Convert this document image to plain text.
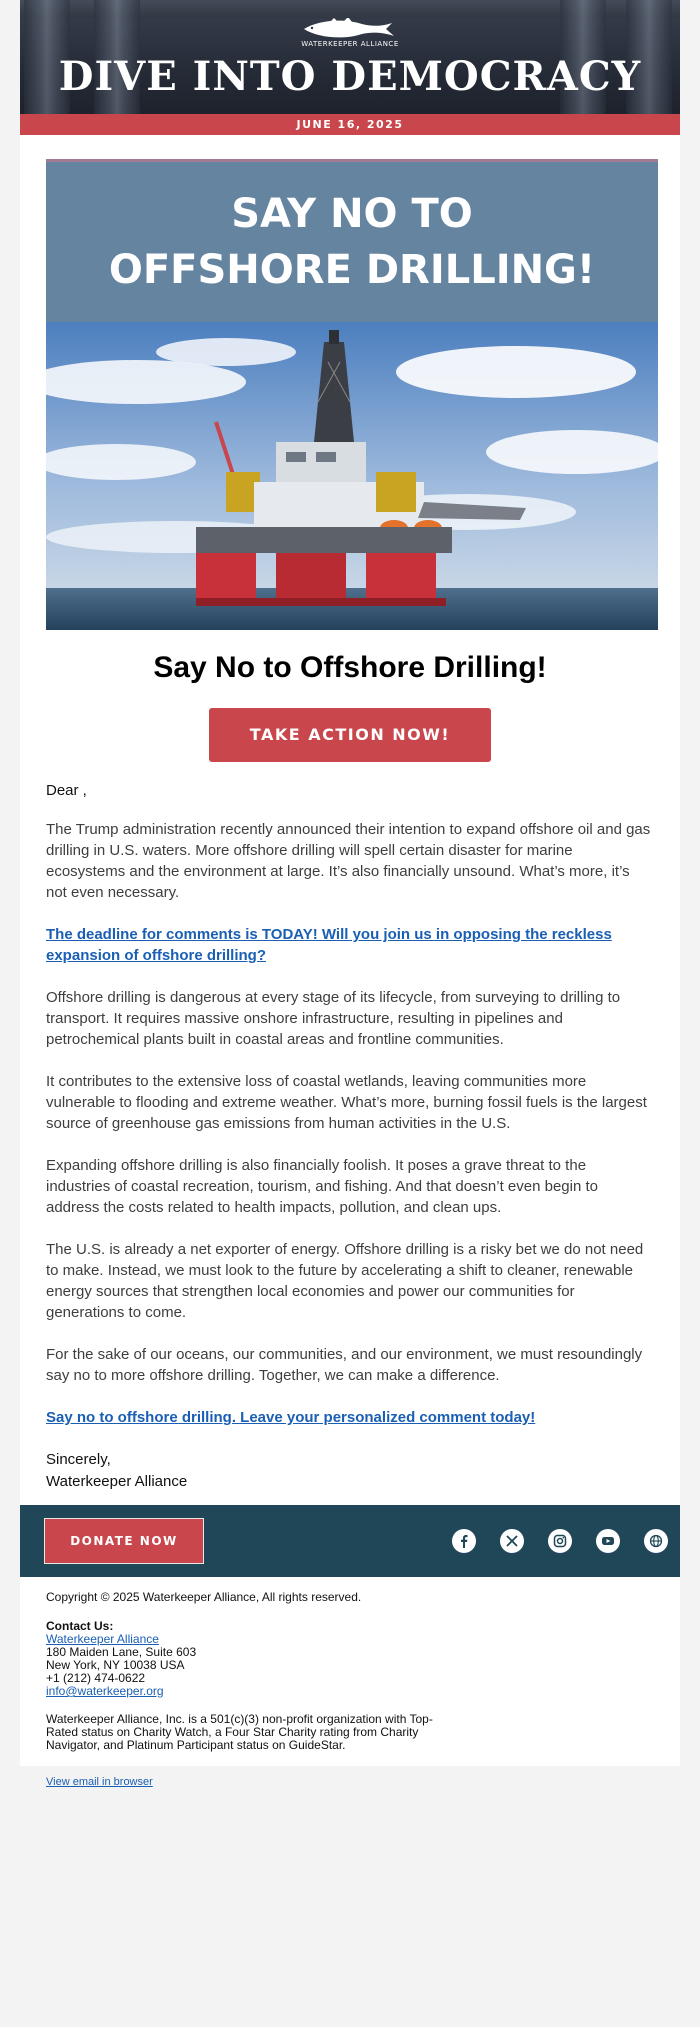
WATERKEEPER ALLIANCE
DIVE INTO DEMOCRACY
JUNE 16, 2025
SAY NO TO
OFFSHORE DRILLING!
Say No to Offshore Drilling!
TAKE ACTION NOW!

Dear ,

The Trump administration recently announced their intention to expand offshore oil and gas drilling in U.S. waters. More offshore drilling will spell certain disaster for marine ecosystems and the environment at large. It’s also financially unsound. What’s more, it’s not even necessary.

The deadline for comments is TODAY! Will you join us in opposing the reckless expansion of offshore drilling?

Offshore drilling is dangerous at every stage of its lifecycle, from surveying to drilling to transport. It requires massive onshore infrastructure, resulting in pipelines and petrochemical plants built in coastal areas and frontline communities.

It contributes to the extensive loss of coastal wetlands, leaving communities more vulnerable to flooding and extreme weather. What’s more, burning fossil fuels is the largest source of greenhouse gas emissions from human activities in the U.S.

Expanding offshore drilling is also financially foolish. It poses a grave threat to the industries of coastal recreation, tourism, and fishing. And that doesn’t even begin to address the costs related to health impacts, pollution, and clean ups.

The U.S. is already a net exporter of energy. Offshore drilling is a risky bet we do not need to make. Instead, we must look to the future by accelerating a shift to cleaner, renewable energy sources that strengthen local economies and power our communities for generations to come.

For the sake of our oceans, our communities, and our environment, we must resoundingly say no to more offshore drilling. Together, we can make a difference.

Say no to offshore drilling. Leave your personalized comment today!

Sincerely,
Waterkeeper Alliance
DONATE NOW
Copyright © 2025 Waterkeeper Alliance, All rights reserved.
Contact Us:
Waterkeeper Alliance
180 Maiden Lane, Suite 603
New York, NY 10038 USA
+1 (212) 474-0622
info@waterkeeper.org
Waterkeeper Alliance, Inc. is a 501(c)(3) non-profit organization with Top-Rated status on Charity Watch, a Four Star Charity rating from Charity Navigator, and Platinum Participant status on GuideStar.
View email in browser
